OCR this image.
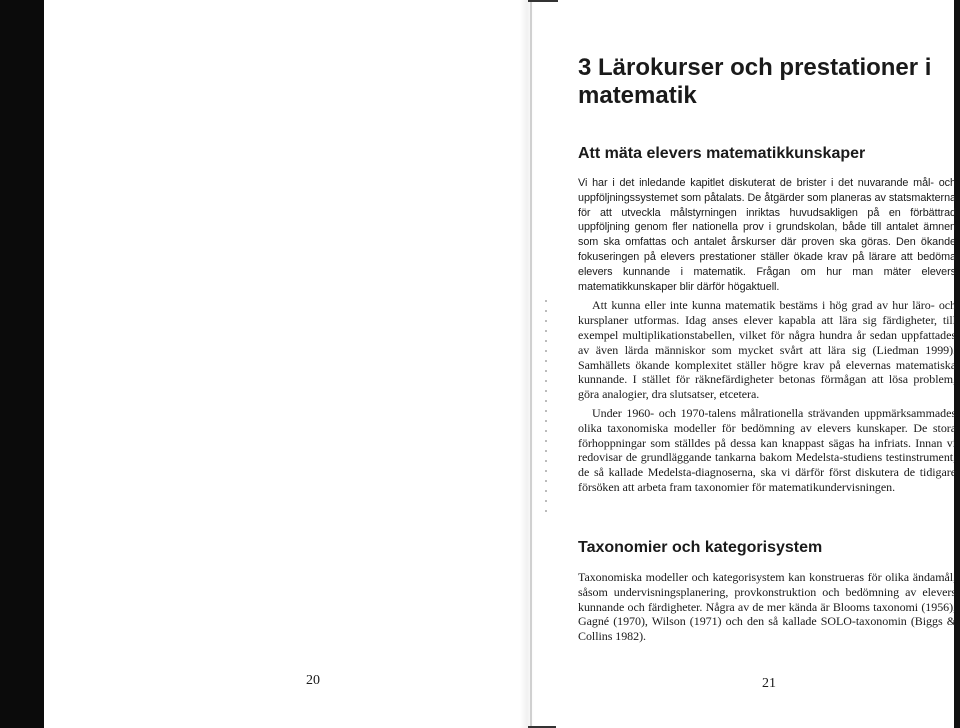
20	21
3 Lärokurser och prestationer i
matematik
Att mäta elevers matematikkunskaper

Vi har i det inledande kapitlet diskuterat de brister i det nuvarande mål- och uppföljningssystemet som påtalats. De åtgärder som planeras av statsmakterna för att utveckla målstyrningen inriktas huvudsakligen på en förbättrad uppföljning genom fler nationella prov i grundskolan, både till antalet ämnen som ska omfattas och antalet årskurser där proven ska göras. Den ökande fokuseringen på elevers prestationer ställer ökade krav på lärare att bedöma elevers kunnande i matematik. Frågan om hur man mäter elevers matematikkunskaper blir därför högaktuell.

Att kunna eller inte kunna matematik bestäms i hög grad av hur läro- och kursplaner utformas. Idag anses elever kapabla att lära sig färdigheter, till exempel multiplikationstabellen, vilket för några hundra år sedan uppfattades av även lärda människor som mycket svårt att lära sig (Liedman 1999). Samhällets ökande komplexitet ställer högre krav på elevernas matematiska kunnande. I stället för räknefärdigheter betonas förmågan att lösa problem, göra analogier, dra slutsatser, etcetera.

Under 1960- och 1970-talens målrationella strävanden uppmärksammades olika taxonomiska modeller för bedömning av elevers kunskaper. De stora förhoppningar som ställdes på dessa kan knappast sägas ha infriats. Innan vi redovisar de grundläggande tankarna bakom Medelsta-studiens testinstrument, de så kallade Medelsta-diagnoserna, ska vi därför först diskutera de tidigare försöken att arbeta fram taxonomier för matematikundervisningen.

Taxonomier och kategorisystem

Taxonomiska modeller och kategorisystem kan konstrueras för olika ändamål, såsom undervisningsplanering, provkonstruktion och bedömning av elevers kunnande och färdigheter. Några av de mer kända är Blooms taxonomi (1956), Gagné (1970), Wilson (1971) och den så kallade SOLO-taxonomin (Biggs & Collins 1982).
